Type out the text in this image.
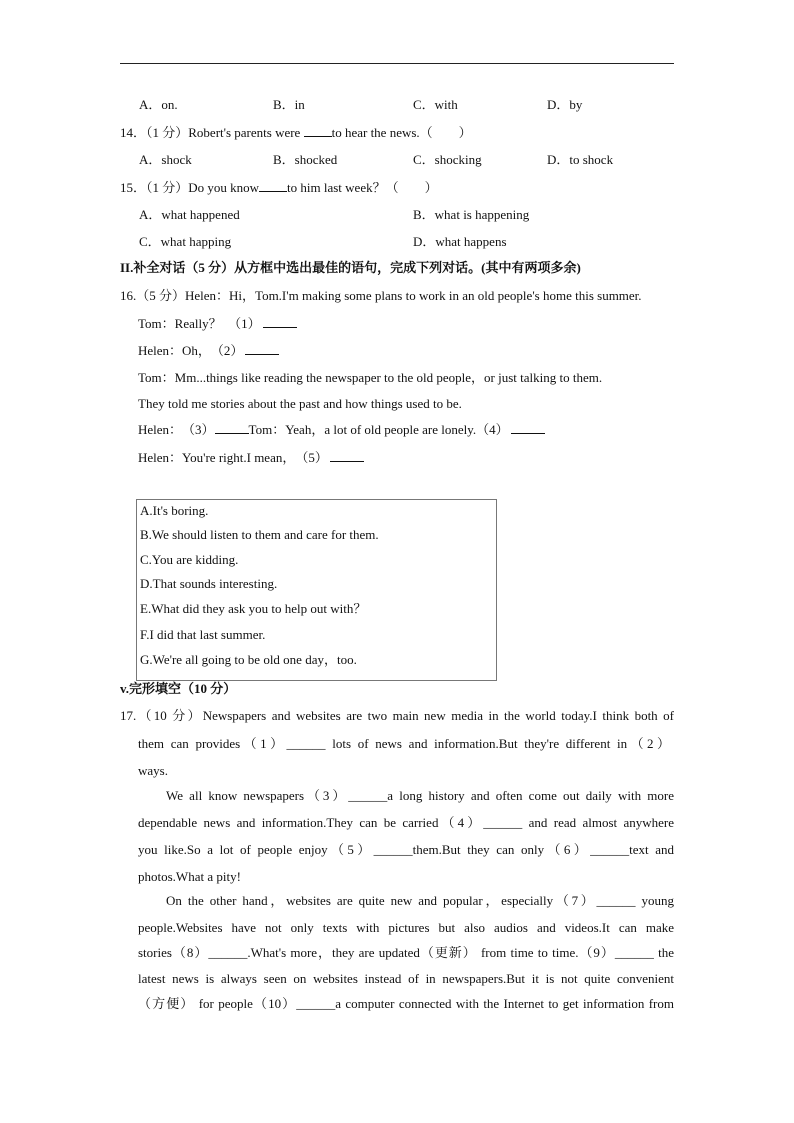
A．on.	B．in	C．with	D．by
14．（1 分）Robert's parents were to hear the news.（　　）
A．shock	B．shocked	C．shocking	D．to shock
15．（1 分）Do you know to him last week？（　　）
A．what happened	B．what is happening
C．what happing	D．what happens
II.补全对话（5 分）从方框中选出最佳的语句，完成下列对话。(其中有两项多余)
16.（5 分）Helen：Hi，Tom.I'm making some plans to work in an old people's home this summer.
Tom：Really？　（1）
Helen：Oh，　（2）
Tom：Mm...things like reading the newspaper to the old people，or just talking to them.
They told me stories about the past and how things used to be.
Helen：　（3）	Tom：Yeah，a lot of old people are lonely.（4）
Helen：You're right.I mean，　（5）
A.It's boring.
B.We should listen to them and care for them.
C.You are kidding.
D.That sounds interesting.
E.What did they ask you to help out with？
F.I did that last summer.
G.We're all going to be old one day，too.
v.完形填空（10 分）
17.（10 分）Newspapers and websites are two main new media in the world today.I think both of
them can provides（1）______ lots of news and information.But they're different in（2）
ways.
We all know newspapers（3）______a long history and often come out daily with more
dependable news and information.They can be carried（4）______ and read almost anywhere
you like.So a lot of people enjoy（5）______them.But they can only（6）______text and
photos.What a pity!
On the other hand，websites are quite new and popular，especially（7）______ young
people.Websites have not only texts with pictures but also audios and videos.It can make
stories（8）______.What's more，they are updated（更新） from time to time.（9）______ the
latest news is always seen on websites instead of in newspapers.But it is not quite convenient
（方便） for people（10）______a computer connected with the Internet to get information from
